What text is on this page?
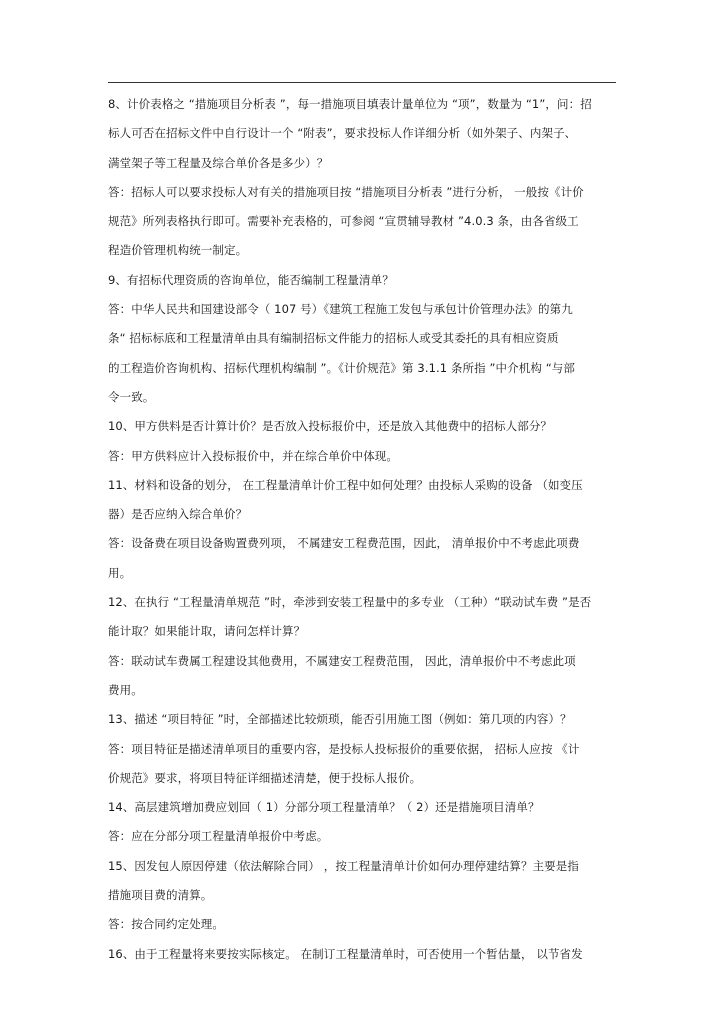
8、计价表格之 “措施项目分析表 ”，每一措施项目填表计量单位为 “项”，数量为 “1”，问：招
标人可否在招标文件中自行设计一个 “附表”，要求投标人作详细分析（如外架子、内架子、
满堂架子等工程量及综合单价各是多少）？
答：招标人可以要求投标人对有关的措施项目按 “措施项目分析表 ”进行分析， 一般按《计价
规范》所列表格执行即可。需要补充表格的，可参阅 “宣贯辅导教材 ”4.0.3 条，由各省级工
程造价管理机构统一制定。
9、有招标代理资质的咨询单位，能否编制工程量清单？
答：中华人民共和国建设部令（ 107 号）《建筑工程施工发包与承包计价管理办法》的第九
条“ 招标标底和工程量清单由具有编制招标文件能力的招标人或受其委托的具有相应资质
的工程造价咨询机构、招标代理机构编制 ”。《计价规范》第 3.1.1 条所指 ”中介机构 “与部
令一致。
10、甲方供料是否计算计价？是否放入投标报价中，还是放入其他费中的招标人部分？
答：甲方供料应计入投标报价中，并在综合单价中体现。
11、材料和设备的划分， 在工程量清单计价工程中如何处理？由投标人采购的设备 （如变压
器）是否应纳入综合单价？
答：设备费在项目设备购置费列项， 不属建安工程费范围，因此， 清单报价中不考虑此项费
用。
12、在执行 “工程量清单规范 ”时，牵涉到安装工程量中的多专业 （工种）“联动试车费 ”是否
能计取？如果能计取，请问怎样计算？
答：联动试车费属工程建设其他费用，不属建安工程费范围， 因此，清单报价中不考虑此项
费用。
13、描述 “项目特征 ”时，全部描述比较烦琐，能否引用施工图（例如：第几项的内容）？
答：项目特征是描述清单项目的重要内容，是投标人投标报价的重要依据， 招标人应按 《计
价规范》要求，将项目特征详细描述清楚，便于投标人报价。
14、高层建筑增加费应划回（ 1）分部分项工程量清单？（ 2）还是措施项目清单？
答：应在分部分项工程量清单报价中考虑。
15、因发包人原因停建（依法解除合同） ，按工程量清单计价如何办理停建结算？主要是指
措施项目费的清算。
答：按合同约定处理。
16、由于工程量将来要按实际核定。 在制订工程量清单时，可否使用一个暂估量， 以节省发
